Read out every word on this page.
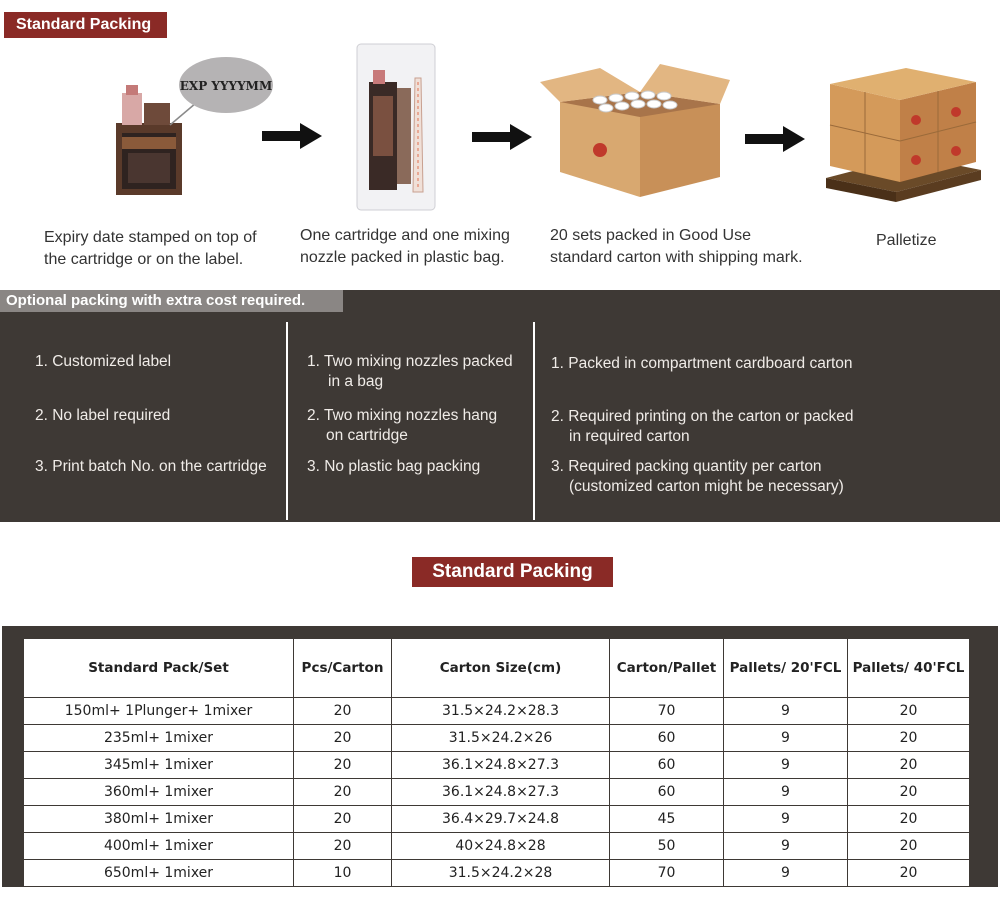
Standard Packing
EXP YYYYMM
Expiry date stamped on top of
the cartridge or on the label.
One cartridge and one mixing
nozzle packed in plastic bag.
20 sets packed in Good Use
standard carton with shipping mark.
Palletize
Optional packing with extra cost required.
1. Customized label
2. No label required
3. Print batch No. on the cartridge
1. Two mixing nozzles packed
in a bag
2. Two mixing nozzles hang
on cartridge
3. No plastic bag packing
1. Packed in compartment cardboard carton
2. Required printing on the carton or packed
in required carton
3. Required packing quantity per carton
(customized carton might be necessary)
Standard Packing
Standard Pack/Set	Pcs/Carton	Carton Size(cm)	Carton/Pallet	Pallets/ 20'FCL	Pallets/ 40'FCL
150ml+ 1Plunger+ 1mixer	20	31.5×24.2×28.3	70	9	20
235ml+ 1mixer	20	31.5×24.2×26	60	9	20
345ml+ 1mixer	20	36.1×24.8×27.3	60	9	20
360ml+ 1mixer	20	36.1×24.8×27.3	60	9	20
380ml+ 1mixer	20	36.4×29.7×24.8	45	9	20
400ml+ 1mixer	20	40×24.8×28	50	9	20
650ml+ 1mixer	10	31.5×24.2×28	70	9	20
